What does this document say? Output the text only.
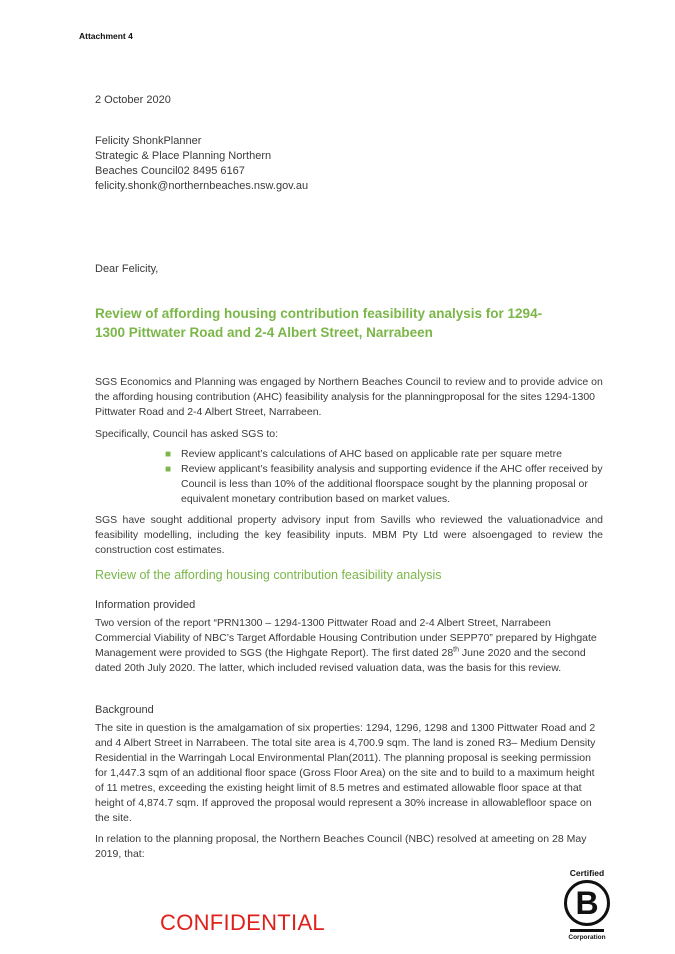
Attachment 4
2 October 2020
Felicity ShonkPlanner
Strategic & Place Planning Northern
Beaches Council02 8495 6167
felicity.shonk@northernbeaches.nsw.gov.au
Dear Felicity,
Review of affording housing contribution feasibility analysis for 1294-1300 Pittwater Road and 2-4 Albert Street, Narrabeen
SGS Economics and Planning was engaged by Northern Beaches Council to review and to provide advice on the affording housing contribution (AHC) feasibility analysis for the planningproposal for the sites 1294-1300 Pittwater Road and 2-4 Albert Street, Narrabeen.
Specifically, Council has asked SGS to:
■ Review applicant’s calculations of AHC based on applicable rate per square metre
■ Review applicant’s feasibility analysis and supporting evidence if the AHC offer received by Council is less than 10% of the additional floorspace sought by the planning proposal or equivalent monetary contribution based on market values.
SGS have sought additional property advisory input from Savills who reviewed the valuationadvice and feasibility modelling, including the key feasibility inputs. MBM Pty Ltd were alsoengaged to review the construction cost estimates.
Review of the affording housing contribution feasibility analysis
Information provided
Two version of the report “PRN1300 – 1294-1300 Pittwater Road and 2-4 Albert Street, Narrabeen Commercial Viability of NBC’s Target Affordable Housing Contribution under SEPP70” prepared by Highgate Management were provided to SGS (the Highgate Report). The first dated 28th June 2020 and the second dated 20th July 2020. The latter, which included revised valuation data, was the basis for this review.
Background
The site in question is the amalgamation of six properties: 1294, 1296, 1298 and 1300 Pittwater Road and 2 and 4 Albert Street in Narrabeen. The total site area is 4,700.9 sqm. The land is zoned R3– Medium Density Residential in the Warringah Local Environmental Plan(2011). The planning proposal is seeking permission for 1,447.3 sqm of an additional floor space (Gross Floor Area) on the site and to build to a maximum height of 11 metres, exceeding the existing height limit of 8.5 metres and estimated allowable floor space at that height of 4,874.7 sqm. If approved the proposal would represent a 30% increase in allowablefloor space on the site.
In relation to the planning proposal, the Northern Beaches Council (NBC) resolved at ameeting on 28 May 2019, that:
CONFIDENTIAL
Certified
B
Corporation
